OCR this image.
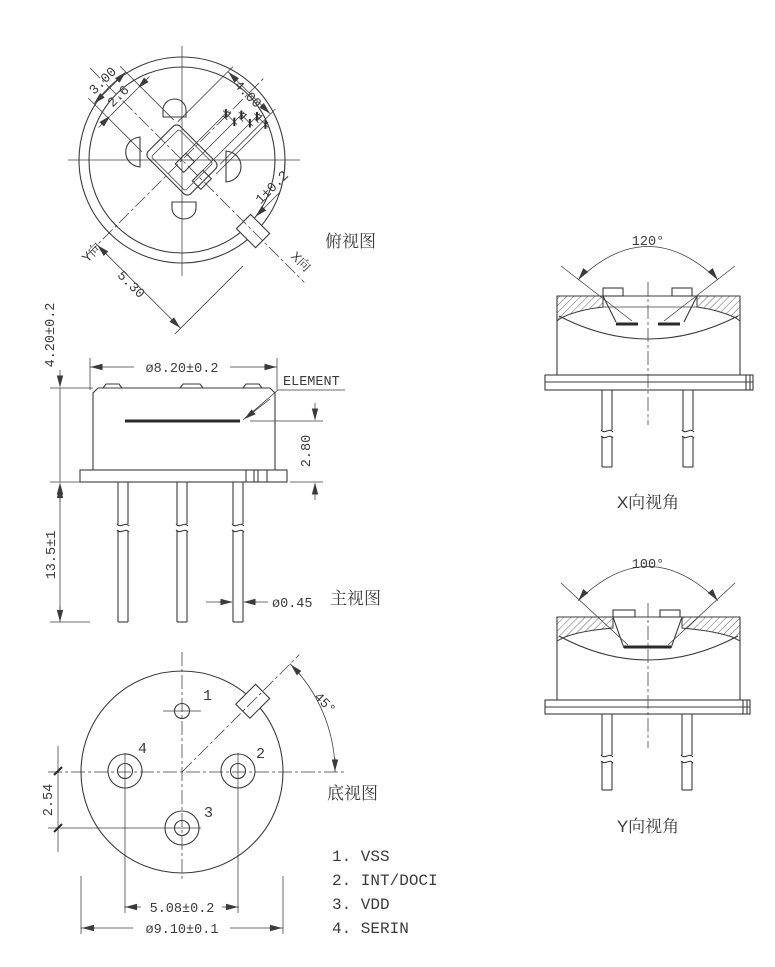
3.00
2.6	4.00
1 1 1
5.30
1±0.2
Y向	X向
俯视图
ø8.20±0.2
ELEMENT
4.20±0.2
2.80
13.5±1
ø0.45 主视图
45°
1
4	2
3
2.54
5.08±0.2
ø9.10±0.1
底视图
1. VSS
2. INT/DOCI
3. VDD
4. SERIN
120°
X向视角
100°
Y向视角
